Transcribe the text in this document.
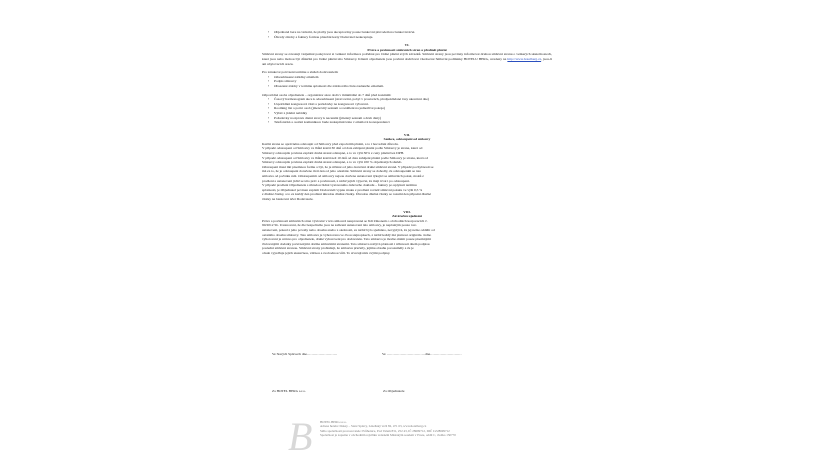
• Objednatel bere na vědomí, že platby jsou akceptovány pouze bankovní převodem na bankovní účet.
• Úhrady zálohy a faktury formou platební karty Dodavatel neakceptuje.
VI.
Práva a povinnosti smluvních stran a předmět plnění

Smluvní strany se zavazují vzájemně poskytovat si veškeré informace potřebné pro řádné plnění svých závazků. Smluvní strany jsou povinny informovat druhou smluvní stranu o veškerých skutečnostech, které jsou nebo mohou být důležité pro řádné plnění této Smlouvy. Klienti objednatele jsou povinni dodržovat všeobecné Smluvní podmínky HOTELU BERG, uvedeny na http://www.hotelberg.cz, jsou-li ani ubytovacích srazu.

Pro zárukové potvrzení termínu a služeb dodavatelem:
• Odsouhlasené zabídky emailem
• Podpis smlouvy
• Obsazené zálohy v termínu splatnosti dle zálohového listu zaslaného emailem.
Odpovědná osoba objednatele – organizátor akce dodá v minimálně do 7 dnů před konáním:
• Časový harmonogram akce k odsouhlasení (stravování, pobyt v prostorách, předpokládané časy ukončení dne)
• Uspořádání kongresové části a požadavky na kongresové vybavení.
• Rooming list a počet osob (jmenovitý seznam a rozdělení na jednotlivé pokoje)
• Výběr z jídelní nabídky
• Požadavky na úpravu dietní stravy k nacenění (jmenný seznam a druh diety)
• Telefonická a osobní komunikace bude zrekapitulována v emailové korespondenci
VII.
Sankce, odstoupení od smlouvy
Každá strana se oprávněna odstoupit od Smlouvy před započetím plnění, a to i bez udání důvodu.
V případě odstoupení od Smlouvy ve lhůtě kratší 30 dnů od data zahájení plnění podle Smlouvy je strana, která od
Smlouvy odstoupila povinna zaplatit druhé straně odstupné, a to ve výši 30% z ceny plnění bez DPH.
V případě odstoupení od Smlouvy ve lhůtě kratší než 10 dnů od data zahájení plnění podle Smlouvy je strana, která od
Smlouvy odstoupila povinna zaplatit druhé straně odstupné, a to ve výši 100 % objednaných služeb.
Odstoupení musí mít písemnou formu a být, že je účinné od jeho doručení druhé smluvní straně. V případě pochybností se
má za to, že je odstoupení doručeno třetí den od jeho odeslání. Smluvní strany se dohodly, že odstoupením se tato
smlouva od počátku ruší. Odstoupením od smlouvy nejsou dotčena ustanovení týkající se smluvních pokut, úroků z
prodlení a ustanovení jichž se této práv a povinností, z nichž jejich výpočet, že mají trvat i po odstoupení.
V případě prodlení Objednatele s úhradou řádně vystaveného daňového dokladu – faktury po uplynutí termínu
splatnosti, je Objednatel povinen zaplatit Dodavateli vypnu úroku z prodlení rovněž smluvní pokutu ve výši 0,5 %
z dlužné částky, a to za každý den prodlení úhradou dlužné částky. Úhradou dlužné částky se rozumí den připsání dlužné
částky na bankovní účet Dodavatele.
VIII.
Závěrečná ujednání
Práva a povinnosti smluvních stran výslovně v této smlouvě neupravené se řídí Zákonem o obchodních korporacích č.
90/2012 Sb. Ustanovení, že dle bezpečného jsou na zařízení ustanovení této smlouvy, je neplatným pouze toto
ustanovení, pokud z jeho povahy nebo obsahu anebo z okolností, za nichž bylo sjednáno, nevyplývá, že jej nelze oddělit od
ostatního obsahu smlouvy. Tato smlouva je vyhotovena ve dvou stejnopisech, z nichž každý má platnost originálu. Jedno
vyhotovení je určeno pro objednatele, druhé vyhotovení pro dodavatele. Tato smlouva je možno měnit pouze písemnými
číslovanými dodatky potvrzenými oběma smluvními stranami. Tato smlouva nabývá platnosti i účinnosti dnem podpisu
poslední smluvní stranou. Smluvní strany prohlašují, že smlouvu přečetly, jejímu obsahu porozuměly a že je
obsah vyjadřuje jejich skutečnou, vážnou a svobodnou vůli. To stvrzují níže svými podpisy.
Ve Starých Splavech dne……………………..	Ve ……………………………dne………………………
Za HOTEL BERG s.r.o.	Za Objednatele
B HOTEL BERG s.r.o.
Adresa hotelu: Doksy – Staré Splavy, Lázeňský vrch 82, 471 63, www.hotelberg.cz
Sídlo společnosti provozovatele: Průhonice, Pod Valem 831, 252 43, IČ 28699712, DIČ CZ28699712
Společnost je zapsána v obchodním rejstříku vedeném Městským soudem v Praze, oddíl C, vložka 150770
